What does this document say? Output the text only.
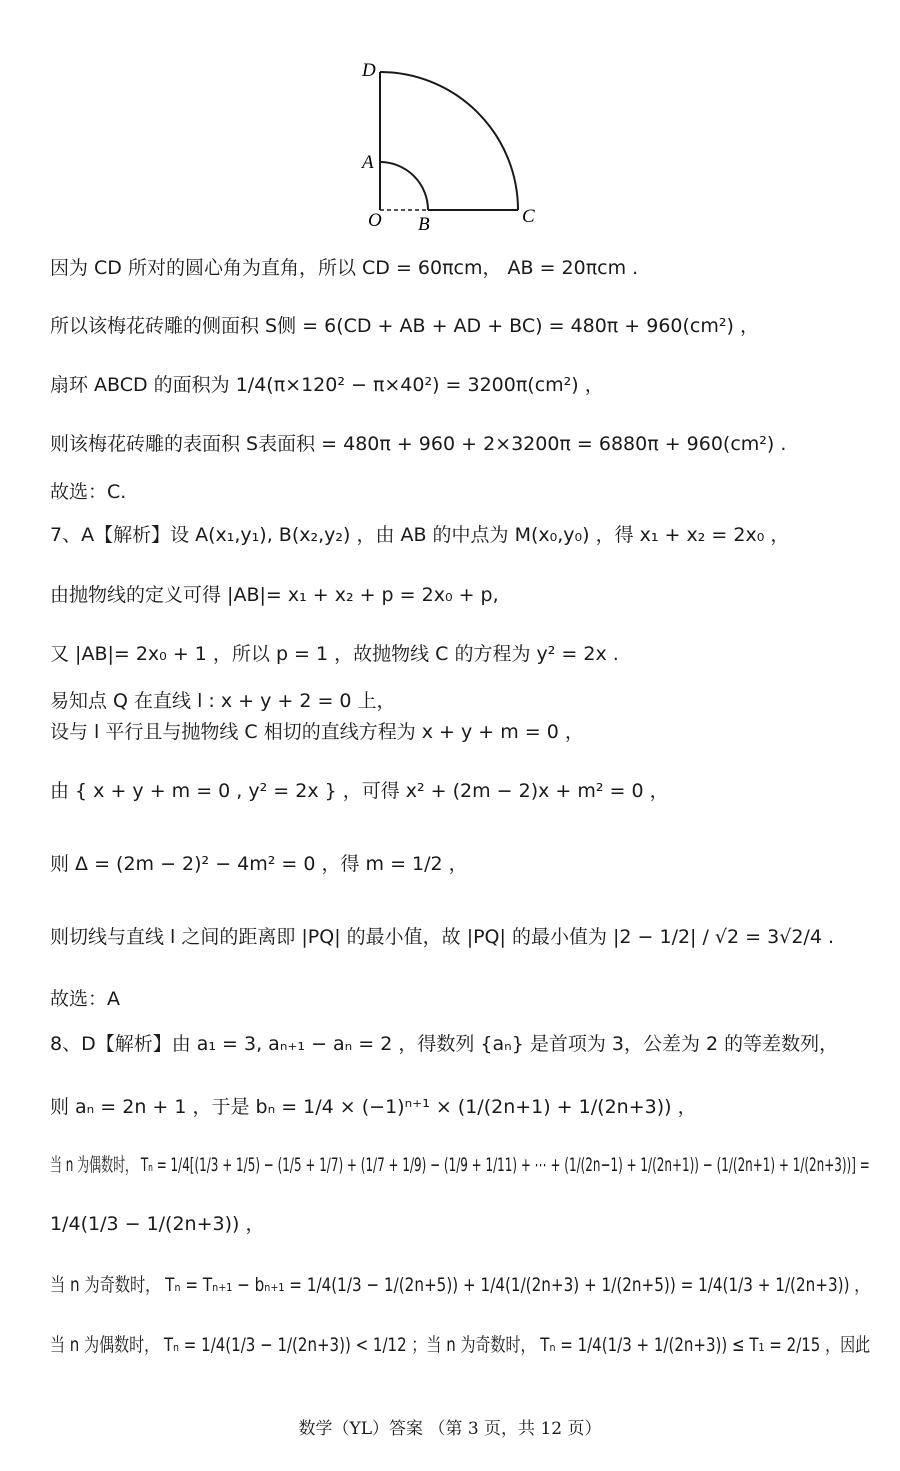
D
A
O B	C
因为 CD 所对的圆心角为直角，所以 CD = 60πcm， AB = 20πcm .
所以该梅花砖雕的侧面积 S侧 = 6(CD + AB + AD + BC) = 480π + 960(cm²) ，
扇环 ABCD 的面积为 1/4(π×120² − π×40²) = 3200π(cm²) ，
则该梅花砖雕的表面积 S表面积 = 480π + 960 + 2×3200π = 6880π + 960(cm²) .
故选：C.
7、A【解析】设 A(x₁,y₁), B(x₂,y₂) ，由 AB 的中点为 M(x₀,y₀) ，得 x₁ + x₂ = 2x₀ ，
由抛物线的定义可得 |AB|= x₁ + x₂ + p = 2x₀ + p,
又 |AB|= 2x₀ + 1 ，所以 p = 1 ，故抛物线 C 的方程为 y² = 2x .
易知点 Q 在直线 l : x + y + 2 = 0 上，
设与 l 平行且与抛物线 C 相切的直线方程为 x + y + m = 0 ，
由 { x + y + m = 0 , y² = 2x } ，可得 x² + (2m − 2)x + m² = 0 ，
则 Δ = (2m − 2)² − 4m² = 0 ，得 m = 1/2 ，
则切线与直线 l 之间的距离即 |PQ| 的最小值，故 |PQ| 的最小值为 |2 − 1/2| / √2 = 3√2/4 .
故选：A
8、D【解析】由 a₁ = 3, aₙ₊₁ − aₙ = 2 ，得数列 {aₙ} 是首项为 3，公差为 2 的等差数列，
则 aₙ = 2n + 1 ，于是 bₙ = 1/4 × (−1)ⁿ⁺¹ × (1/(2n+1) + 1/(2n+3)) ，
当 n 为偶数时， Tₙ = 1/4[(1/3 + 1/5) − (1/5 + 1/7) + (1/7 + 1/9) − (1/9 + 1/11) + ⋯ + (1/(2n−1) + 1/(2n+1)) − (1/(2n+1) + 1/(2n+3))] =
1/4(1/3 − 1/(2n+3)) ，
当 n 为奇数时， Tₙ = Tₙ₊₁ − bₙ₊₁ = 1/4(1/3 − 1/(2n+5)) + 1/4(1/(2n+3) + 1/(2n+5)) = 1/4(1/3 + 1/(2n+3)) ，
当 n 为偶数时， Tₙ = 1/4(1/3 − 1/(2n+3)) < 1/12 ；当 n 为奇数时， Tₙ = 1/4(1/3 + 1/(2n+3)) ≤ T₁ = 2/15 ，因此
数学（YL）答案 （第 3 页，共 12 页）
